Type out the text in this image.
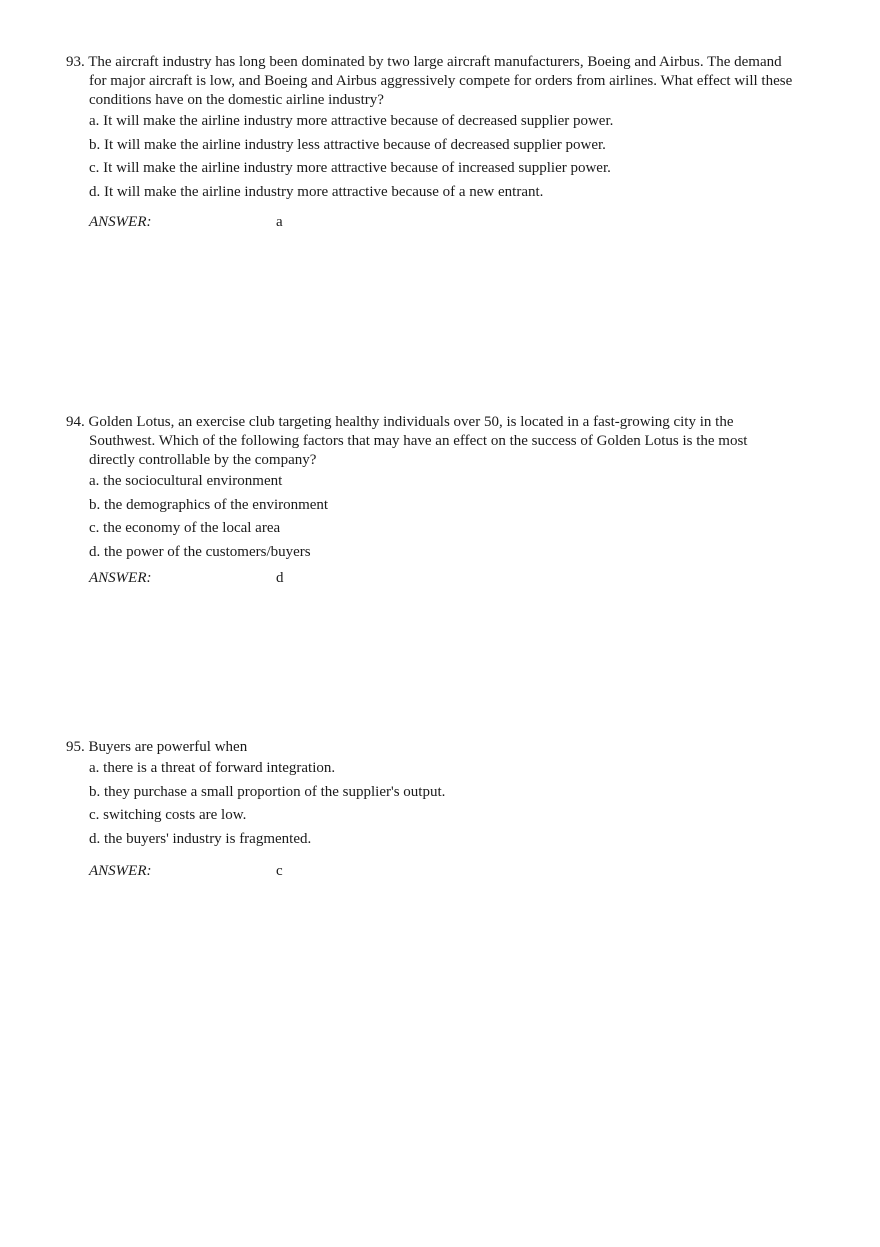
93. The aircraft industry has long been dominated by two large aircraft manufacturers, Boeing and Airbus. The demand for major aircraft is low, and Boeing and Airbus aggressively compete for orders from airlines. What effect will these conditions have on the domestic airline industry?

a. It will make the airline industry more attractive because of decreased supplier power.
b. It will make the airline industry less attractive because of decreased supplier power.
c. It will make the airline industry more attractive because of increased supplier power.
d. It will make the airline industry more attractive because of a new entrant.
ANSWER:	a

94. Golden Lotus, an exercise club targeting healthy individuals over 50, is located in a fast-growing city in the Southwest. Which of the following factors that may have an effect on the success of Golden Lotus is the most directly controllable by the company?

a. the sociocultural environment
b. the demographics of the environment
c. the economy of the local area
d. the power of the customers/buyers
ANSWER:	d

95. Buyers are powerful when

a. there is a threat of forward integration.
b. they purchase a small proportion of the supplier's output.
c. switching costs are low.
d. the buyers' industry is fragmented.
ANSWER:	c
